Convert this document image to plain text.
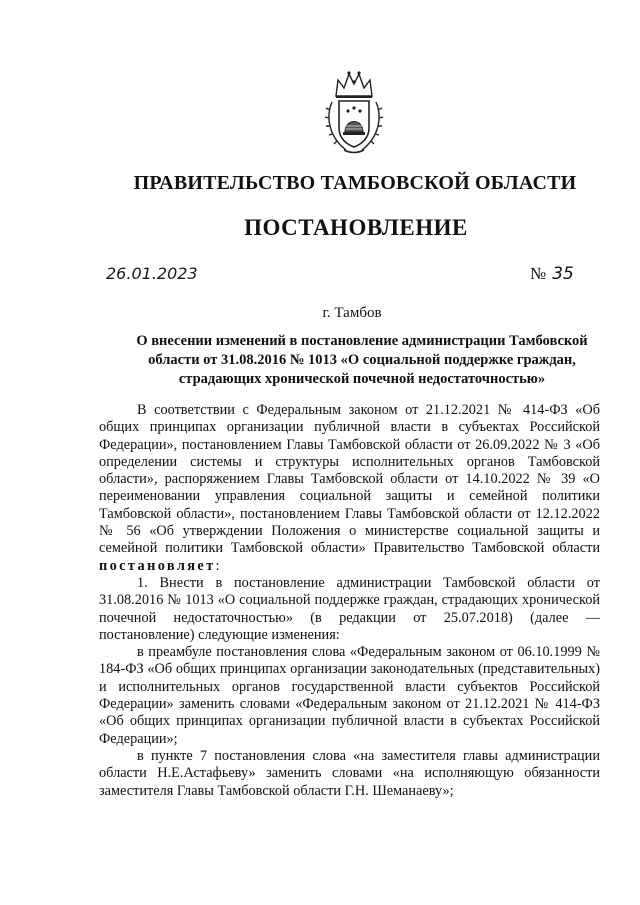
ПРАВИТЕЛЬСТВО ТАМБОВСКОЙ ОБЛАСТИ
ПОСТАНОВЛЕНИЕ
26.01.2023	№ 35
г. Тамбов
О внесении изменений в постановление администрации Тамбовской области от 31.08.2016 № 1013 «О социальной поддержке граждан, страдающих хронической почечной недостаточностью»

В соответствии с Федеральным законом от 21.12.2021 № 414-ФЗ «Об общих принципах организации публичной власти в субъектах Российской Федерации», постановлением Главы Тамбовской области от 26.09.2022 № 3 «Об определении системы и структуры исполнительных органов Тамбовской области», распоряжением Главы Тамбовской области от 14.10.2022 № 39 «О переименовании управления социальной защиты и семейной политики Тамбовской области», постановлением Главы Тамбовской области от 12.12.2022 № 56 «Об утверждении Положения о министерстве социальной защиты и семейной политики Тамбовской области» Правительство Тамбовской области постановляет:

1. Внести в постановление администрации Тамбовской области от 31.08.2016 № 1013 «О социальной поддержке граждан, страдающих хронической почечной недостаточностью» (в редакции от 25.07.2018) (далее — постановление) следующие изменения:

в преамбуле постановления слова «Федеральным законом от 06.10.1999 № 184-ФЗ «Об общих принципах организации законодательных (представительных) и исполнительных органов государственной власти субъектов Российской Федерации» заменить словами «Федеральным законом от 21.12.2021 № 414-ФЗ «Об общих принципах организации публичной власти в субъектах Российской Федерации»;

в пункте 7 постановления слова «на заместителя главы администрации области Н.Е.Астафьеву» заменить словами «на исполняющую обязанности заместителя Главы Тамбовской области Г.Н. Шеманаеву»;
